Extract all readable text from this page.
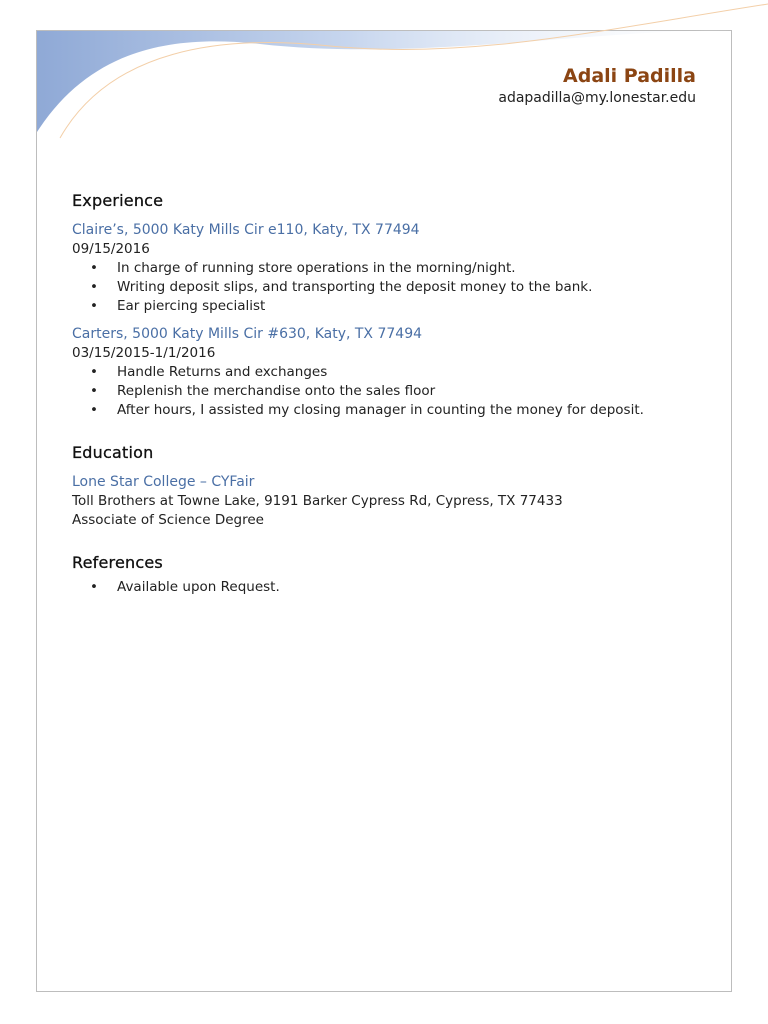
Adali Padilla
adapadilla@my.lonestar.edu
Experience
Claire’s, 5000 Katy Mills Cir e110, Katy, TX 77494
09/15/2016
• In charge of running store operations in the morning/night.
• Writing deposit slips, and transporting the deposit money to the bank.
• Ear piercing specialist
Carters, 5000 Katy Mills Cir #630, Katy, TX 77494
03/15/2015-1/1/2016
• Handle Returns and exchanges
• Replenish the merchandise onto the sales floor
• After hours, I assisted my closing manager in counting the money for deposit.
Education
Lone Star College – CYFair
Toll Brothers at Towne Lake, 9191 Barker Cypress Rd, Cypress, TX 77433
Associate of Science Degree
References
• Available upon Request.
